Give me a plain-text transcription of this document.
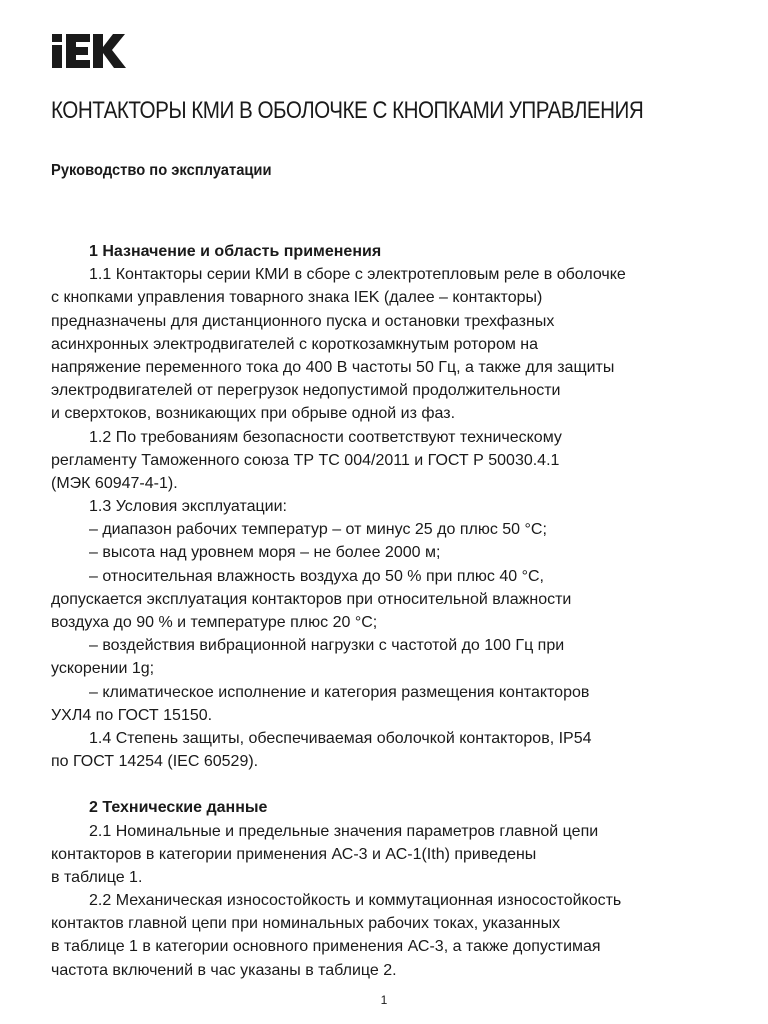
КОНТАКТОРЫ КМИ В ОБОЛОЧКЕ С КНОПКАМИ УПРАВЛЕНИЯ
Руководство по эксплуатации
1 Назначение и область применения
1.1 Контакторы серии КМИ в сборе с электротепловым реле в оболочке
с кнопками управления товарного знака IEK (далее – контакторы)
предназначены для дистанционного пуска и остановки трехфазных
асинхронных электродвигателей с короткозамкнутым ротором на
напряжение переменного тока до 400 В частоты 50 Гц, а также для защиты
электродвигателей от перегрузок недопустимой продолжительности
и сверхтоков, возникающих при обрыве одной из фаз.
1.2 По требованиям безопасности соответствуют техническому
регламенту Таможенного союза ТР ТС 004/2011 и ГОСТ Р 50030.4.1
(МЭК 60947-4-1).
1.3 Условия эксплуатации:
– диапазон рабочих температур – от минус 25 до плюс 50 °С;
– высота над уровнем моря – не более 2000 м;
– относительная влажность воздуха до 50 % при плюс 40 °С,
допускается эксплуатация контакторов при относительной влажности
воздуха до 90 % и температуре плюс 20 °С;
– воздействия вибрационной нагрузки с частотой до 100 Гц при
ускорении 1g;
– климатическое исполнение и категория размещения контакторов
УХЛ4 по ГОСТ 15150.
1.4 Степень защиты, обеспечиваемая оболочкой контакторов, IP54
по ГОСТ 14254 (IEC 60529).
2 Технические данные
2.1 Номинальные и предельные значения параметров главной цепи
контакторов в категории применения АС-3 и АС-1(Ith) приведены
в таблице 1.
2.2 Механическая износостойкость и коммутационная износостойкость
контактов главной цепи при номинальных рабочих токах, указанных
в таблице 1 в категории основного применения АС-3, а также допустимая
частота включений в час указаны в таблице 2.
1
